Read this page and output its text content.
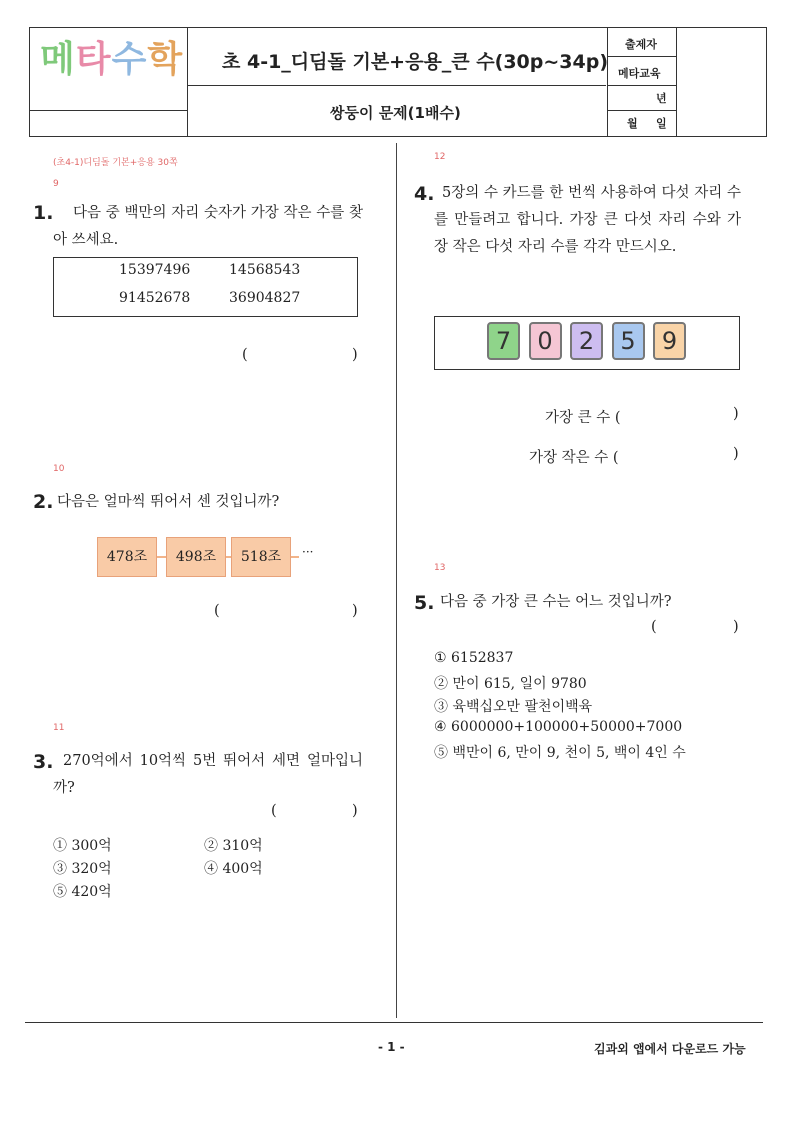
메타수학 초 4-1_디딤돌 기본+응용_큰 수(30p~34p)
쌍둥이 문제(1배수)
출제자
메타교육
년
월 일
(초4-1)디딤돌 기본+응용 30쪽
9
1.	다음 중 백만의 자리 숫자가 가장 작은 수를 찾아 쓰세요.
15397496	14568543
91452678	36904827
(	)
10
2. 다음은 얼마씩 뛰어서 센 것입니까?
478조	498조	518조	···
(	)
11
3. 270억에서 10억씩 5번 뛰어서 세면 얼마입니까?
(	)
① 300억	② 310억
③ 320억	④ 400억
⑤ 420억
12
4. 5장의 수 카드를 한 번씩 사용하여 다섯 자리 수를 만들려고 합니다. 가장 큰 다섯 자리 수와 가장 작은 다섯 자리 수를 각각 만드시오.
7	0	2	5	9
가장 큰 수 (	)
가장 작은 수 (	)
13
5. 다음 중 가장 큰 수는 어느 것입니까?
(	)
① 6152837
② 만이 615, 일이 9780
③ 육백십오만 팔천이백육
④ 6000000+100000+50000+7000
⑤ 백만이 6, 만이 9, 천이 5, 백이 4인 수
- 1 -	김과외 앱에서 다운로드 가능
